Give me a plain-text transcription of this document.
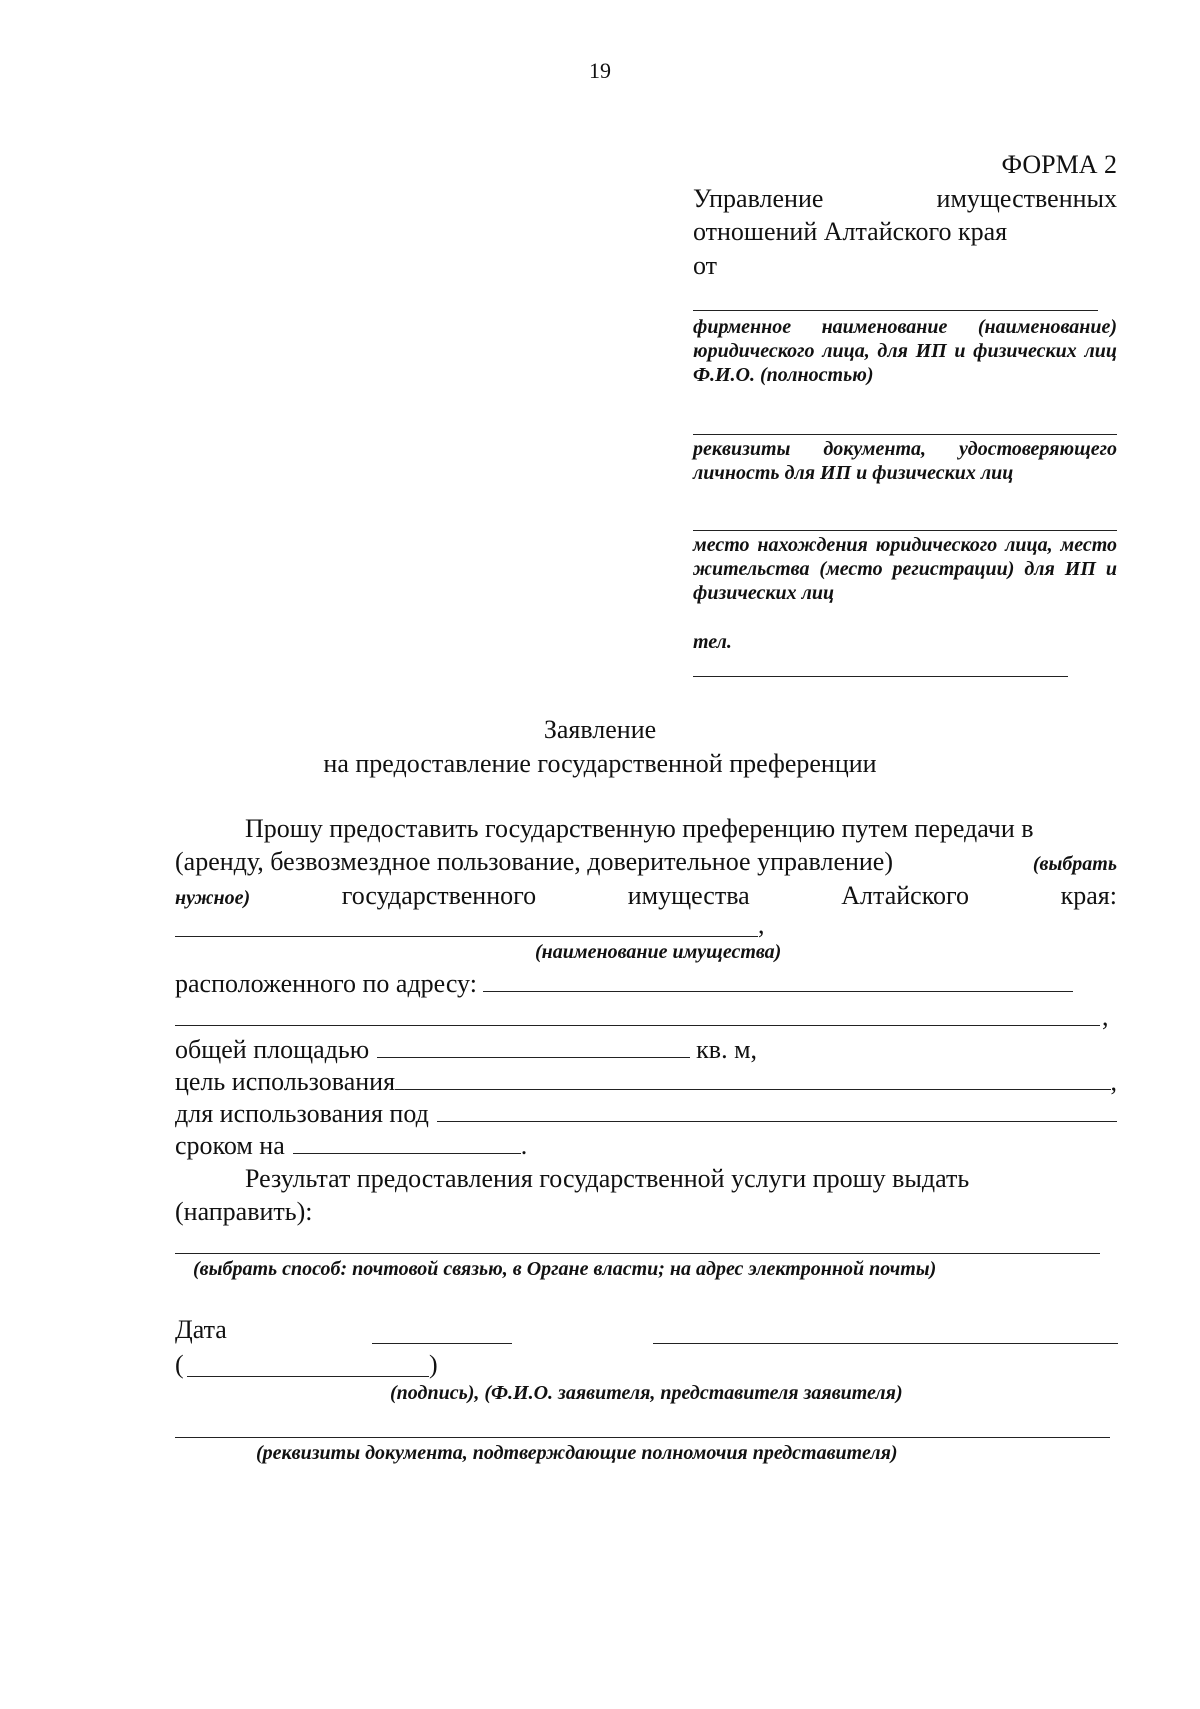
19
ФОРМА 2
Управление	имущественных
отношений Алтайского края
от
фирменное наименование (наименование) юридического лица, для ИП и физических лиц Ф.И.О. (полностью)
реквизиты документа, удостоверяющего личность для ИП и физических лиц
место нахождения юридического лица, место жительства (место регистрации) для ИП и физических лиц
тел.
Заявление
на предоставление государственной преференции
Прошу предоставить государственную преференцию путем передачи в
(аренду, безвозмездное пользование, доверительное управление)	(выбрать
нужное)	государственного	имущества	Алтайского	края:
,
(наименование имущества)
расположенного по адресу:
,
общей площадью	кв. м,
цель использования	,
для использования под
сроком на	.
Результат предоставления государственной услуги прошу выдать
(направить):
(выбрать способ: почтовой связью, в Органе власти; на адрес электронной почты)
Дата
(	)
(подпись), (Ф.И.О. заявителя, представителя заявителя)
(реквизиты документа, подтверждающие полномочия представителя)
